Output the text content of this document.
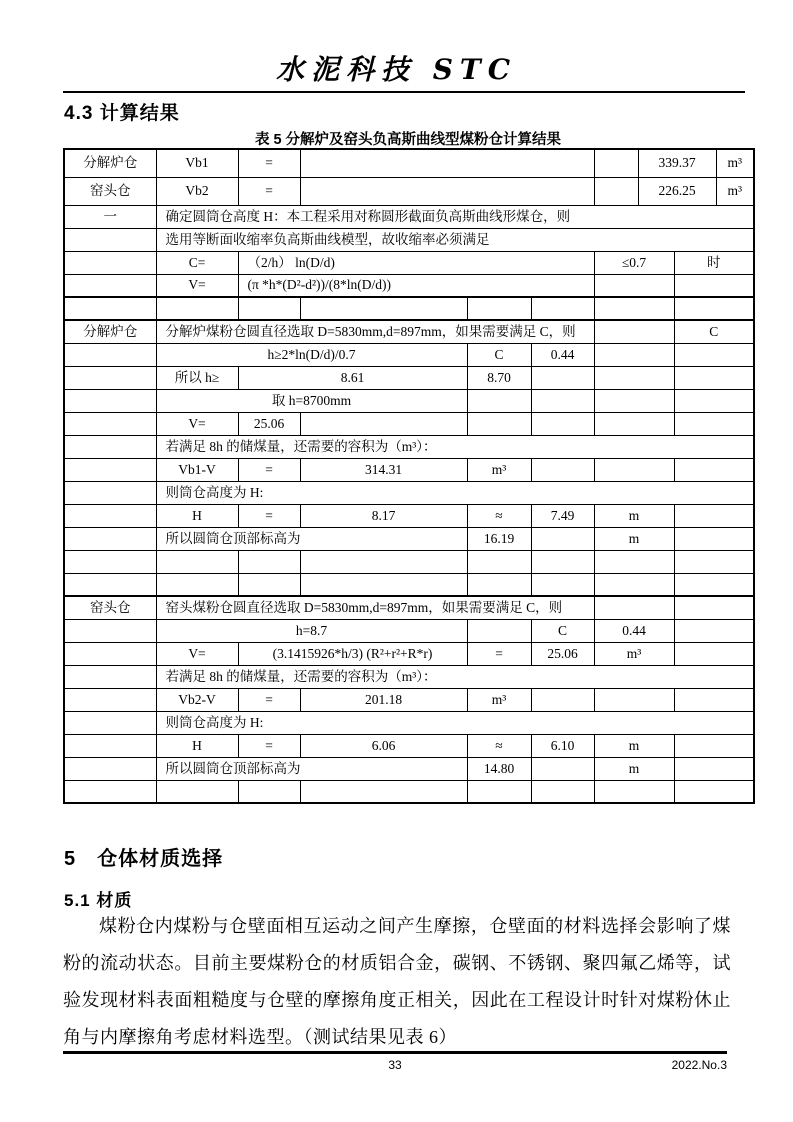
水泥科技 STC
4.3 计算结果
表 5 分解炉及窑头负高斯曲线型煤粉仓计算结果
分解炉仓	Vb1	=					339.37		m³
窑头仓	Vb2	=					226.25		m³
一	确定圆筒仓高度 H：本工程采用对称圆形截面负高斯曲线形煤仓，则								
	选用等断面收缩率负高斯曲线模型，故收缩率必须满足								
	C=	（2/h） ln(D/d)				≤0.7		时	
	V=	(π *h*(D²-d²))/(8*ln(D/d))							

分解炉仓	分解炉煤粉仓圆直径选取 D=5830mm,d=897mm，如果需要满足 C，则							C	
	h≥2*ln(D/d)/0.7			C	0.44				
	所以 h≥	8.61		8.70					
	取 h=8700mm								
	V=	25.06							
	若满足 8h 的储煤量，还需要的容积为（m³）：								
	Vb1-V	=	314.31	m³					
	则筒仓高度为 H:								
	H	=	8.17	≈	7.49	m			
	所以圆筒仓顶部标高为			16.19		m			

窑头仓	窑头煤粉仓圆直径选取 D=5830mm,d=897mm，如果需要满足 C，则								
	h=8.7				C	0.44			
	V=	(3.1415926*h/3) (R²+r²+R*r)		=	25.06	m³			
	若满足 8h 的储煤量，还需要的容积为（m³）：								
	Vb2-V	=	201.18	m³					
	则筒仓高度为 H:								
	H	=	6.06	≈	6.10	m			
	所以圆筒仓顶部标高为			14.80		m			

5　仓体材质选择
5.1 材质

煤粉仓内煤粉与仓壁面相互运动之间产生摩擦，仓壁面的材料选择会影响了煤粉的流动状态。目前主要煤粉仓的材质铝合金，碳钢、不锈钢、聚四氟乙烯等，试验发现材料表面粗糙度与仓壁的摩擦角度正相关，因此在工程设计时针对煤粉休止角与内摩擦角考虑材料选型。（测试结果见表 6）

33	2022.No.3
